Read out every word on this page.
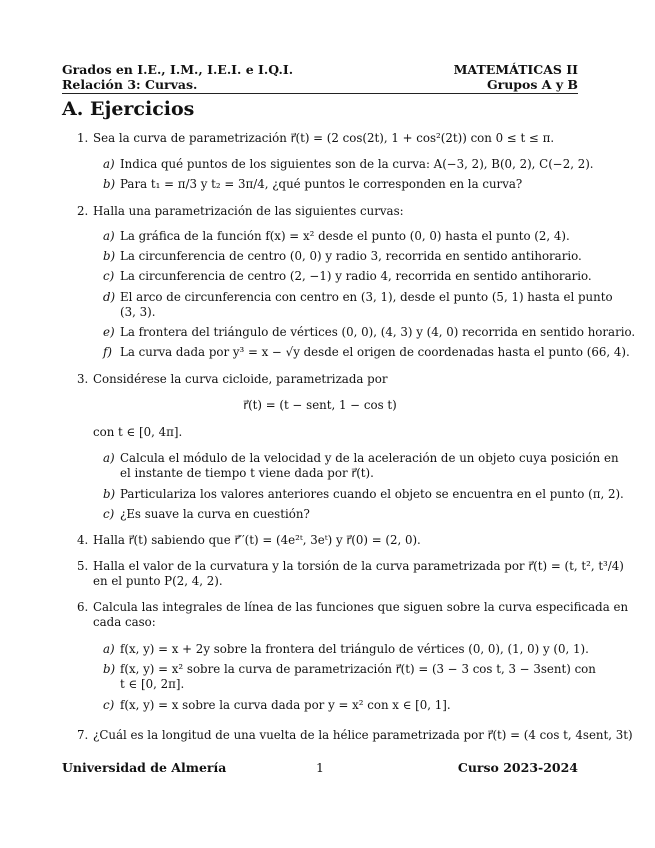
Grados en I.E., I.M., I.E.I. e I.Q.I.	MATEMÁTICAS II
Relación 3: Curvas.	Grupos A y B
A. Ejercicios
1. Sea la curva de parametrización r⃗(t) = (2 cos(2t), 1 + cos²(2t)) con 0 ≤ t ≤ π.
a) Indica qué puntos de los siguientes son de la curva: A(−3, 2), B(0, 2), C(−2, 2).
b) Para t₁ = π/3 y t₂ = 3π/4, ¿qué puntos le corresponden en la curva?
2. Halla una parametrización de las siguientes curvas:
a) La gráfica de la función f(x) = x² desde el punto (0, 0) hasta el punto (2, 4).
b) La circunferencia de centro (0, 0) y radio 3, recorrida en sentido antihorario.
c) La circunferencia de centro (2, −1) y radio 4, recorrida en sentido antihorario.
d) El arco de circunferencia con centro en (3, 1), desde el punto (5, 1) hasta el punto
(3, 3).
e) La frontera del triángulo de vértices (0, 0), (4, 3) y (4, 0) recorrida en sentido horario.
f) La curva dada por y³ = x − √y desde el origen de coordenadas hasta el punto (66, 4).
3. Considérese la curva cicloide, parametrizada por
r⃗(t) = (t − sent, 1 − cos t)
con t ∈ [0, 4π].
a) Calcula el módulo de la velocidad y de la aceleración de un objeto cuya posición en
el instante de tiempo t viene dada por r⃗(t).
b) Particulariza los valores anteriores cuando el objeto se encuentra en el punto (π, 2).
c) ¿Es suave la curva en cuestión?
4. Halla r⃗(t) sabiendo que r⃗′′(t) = (4e²ᵗ, 3eᵗ) y r⃗(0) = (2, 0).
5. Halla el valor de la curvatura y la torsión de la curva parametrizada por r⃗(t) = (t, t², t³/4)
en el punto P(2, 4, 2).
6. Calcula las integrales de línea de las funciones que siguen sobre la curva especificada en
cada caso:
a) f(x, y) = x + 2y sobre la frontera del triángulo de vértices (0, 0), (1, 0) y (0, 1).
b) f(x, y) = x² sobre la curva de parametrización r⃗(t) = (3 − 3 cos t, 3 − 3sent) con
t ∈ [0, 2π].
c) f(x, y) = x sobre la curva dada por y = x² con x ∈ [0, 1].
7. ¿Cuál es la longitud de una vuelta de la hélice parametrizada por r⃗(t) = (4 cos t, 4sent, 3t)
Universidad de Almería	1	Curso 2023-2024
